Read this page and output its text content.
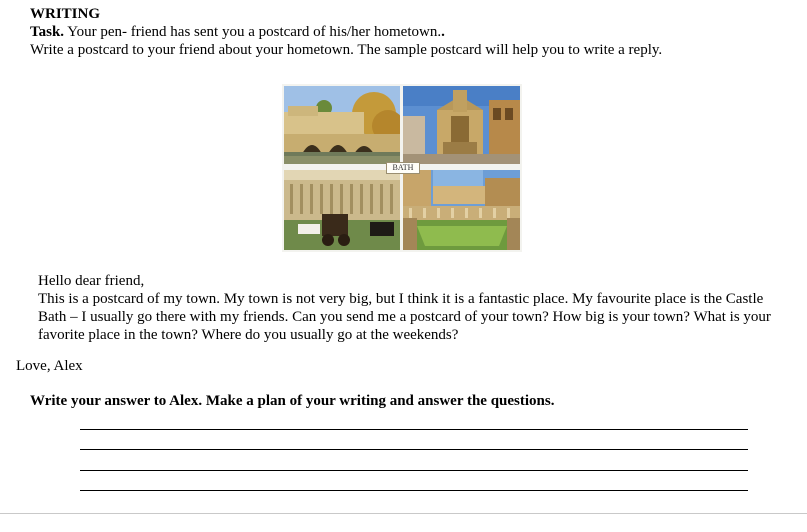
WRITING
Task. Your pen- friend has sent you a postcard of his/her hometown..
Write a postcard to your friend about your hometown. The sample postcard will help you to write a reply.
BATH

Hello dear friend,

This is a postcard of my town. My town is not very big, but I think it is a fantastic place. My favourite place is the Castle

Bath – I usually go there with my friends. Can you send me a postcard of your town? How big is your town? What is your

favorite place in the town? Where do you usually go at the weekends?

Love, Alex
Write your answer to Alex. Make a plan of your writing and answer the questions.
